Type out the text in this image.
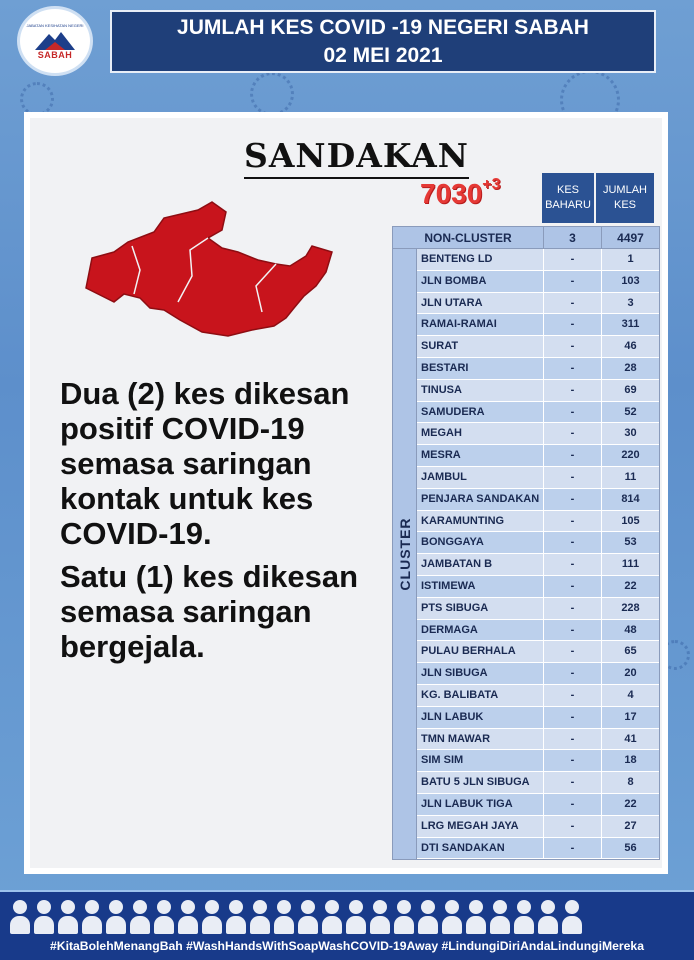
JABATAN KESIHATAN NEGERI
SABAH
JUMLAH KES COVID -19 NEGERI SABAH
02 MEI 2021
SANDAKAN
$7030^{+3}$	KES BAHARU
JUMLAH KES

Dua (2) kes dikesan positif COVID-19 semasa saringan kontak untuk kes COVID-19.

Satu (1) kes dikesan semasa saringan bergejala.

NON-CLUSTER	3	4497
CLUSTER
BENTENG LD	-	1
JLN BOMBA	-	103
JLN UTARA	-	3
RAMAI-RAMAI	-	311
SURAT	-	46
BESTARI	-	28
TINUSA	-	69
SAMUDERA	-	52
MEGAH	-	30
MESRA	-	220
JAMBUL	-	11
PENJARA SANDAKAN	-	814
KARAMUNTING	-	105
BONGGAYA	-	53
JAMBATAN B	-	111
ISTIMEWA	-	22
PTS SIBUGA	-	228
DERMAGA	-	48
PULAU BERHALA	-	65
JLN SIBUGA	-	20
KG. BALIBATA	-	4
JLN LABUK	-	17
TMN MAWAR	-	41
SIM SIM	-	18
BATU 5 JLN SIBUGA	-	8
JLN LABUK TIGA	-	22
LRG MEGAH JAYA	-	27
DTI SANDAKAN	-	56
#KitaBolehMenangBah #WashHandsWithSoapWashCOVID-19Away #LindungiDiriAndaLindungiMereka
